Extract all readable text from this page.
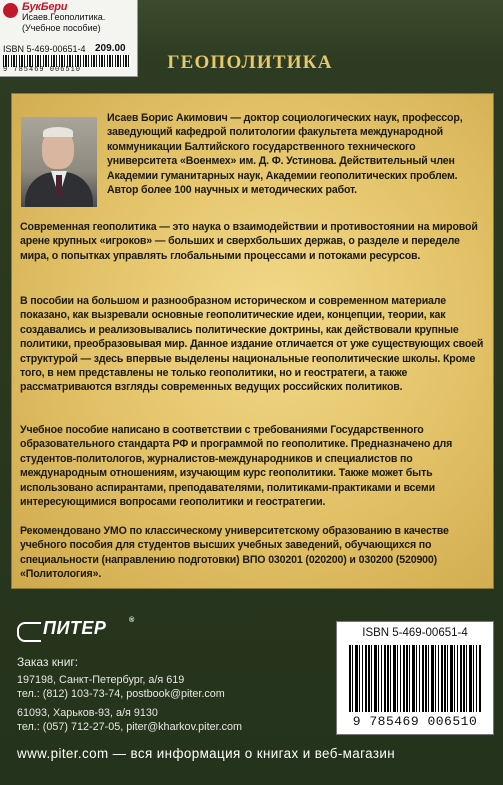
БукБери
Исаев.Геополитика.(Учебное пособие)
ISBN 5-469-00651-4 209.00
9 785469 006510	ГЕОПОЛИТИКА
Исаев Борис Акимович — доктор социологических наук, профессор, заведующий кафедрой политологии факультета международной коммуникации Балтийского государственного технического университета «Военмех» им. Д. Ф. Устинова. Действительный член Академии гуманитарных наук, Академии геополитических проблем. Автор более 100 научных и методических работ.
Современная геополитика — это наука о взаимодействии и противостоянии на мировой арене крупных «игроков» — больших и сверхбольших держав, о разделе и переделе мира, о попытках управлять глобальными процессами и потоками ресурсов.
В пособии на большом и разнообразном историческом и современном материале показано, как вызревали основные геополитические идеи, концепции, теории, как создавались и реализовывались политические доктрины, как действовали крупные политики, преобразовывая мир. Данное издание отличается от уже существующих своей структурой — здесь впервые выделены национальные геополитические школы. Кроме того, в нем представлены не только геополитики, но и геостратеги, а также рассматриваются взгляды современных ведущих российских политиков.
Учебное пособие написано в соответствии с требованиями Государственного образовательного стандарта РФ и программой по геополитике. Предназначено для студентов-политологов, журналистов-международников и специалистов по международным отношениям, изучающим курс геополитики. Также может быть использовано аспирантами, преподавателями, политиками-практиками и всеми интересующимися вопросами геополитики и геостратегии.
Рекомендовано УМО по классическому университетскому образованию в качестве учебного пособия для студентов высших учебных заведений, обучающихся по специальности (направлению подготовки) ВПО 030201 (020200) и 030200 (520900) «Политология».
ПИТЕР	®
Заказ книг:
197198, Санкт-Петербург, а/я 619
тел.: (812) 103-73-74, postbook@piter.com
61093, Харьков-93, а/я 9130
тел.: (057) 712-27-05, piter@kharkov.piter.com
www.piter.com — вся информация о книгах и веб-магазин
ISBN 5-469-00651-4
9 785469 006510
